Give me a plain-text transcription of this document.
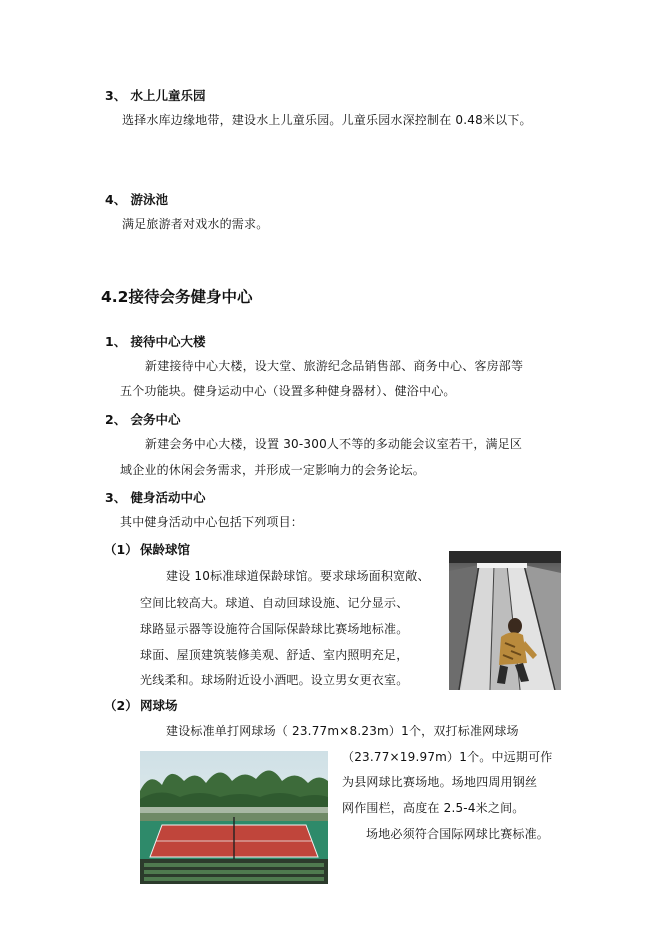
3、 水上儿童乐园
选择水库边缘地带，建设水上儿童乐园。儿童乐园水深控制在 0.48米以下。
4、 游泳池
满足旅游者对戏水的需求。
4.2接待会务健身中心
1、 接待中心大楼
新建接待中心大楼，设大堂、旅游纪念品销售部、商务中心、客房部等
五个功能块。健身运动中心（设置多种健身器材）、健浴中心。
2、 会务中心
新建会务中心大楼，设置 30-300人不等的多动能会议室若干，满足区
域企业的休闲会务需求，并形成一定影响力的会务论坛。
3、 健身活动中心
其中健身活动中心包括下列项目：
（1） 保龄球馆
建设 10标准球道保龄球馆。要求球场面积宽敞、
空间比较高大。球道、自动回球设施、记分显示、
球路显示器等设施符合国际保龄球比赛场地标准。
球面、屋顶建筑装修美观、舒适、室内照明充足，
光线柔和。球场附近设小酒吧。设立男女更衣室。
（2） 网球场
建设标准单打网球场（ 23.77m×8.23m）1个，双打标准网球场
（23.77×19.97m）1个。中远期可作
为县网球比赛场地。场地四周用钢丝
网作围栏，高度在 2.5-4米之间。
场地必须符合国际网球比赛标准。
